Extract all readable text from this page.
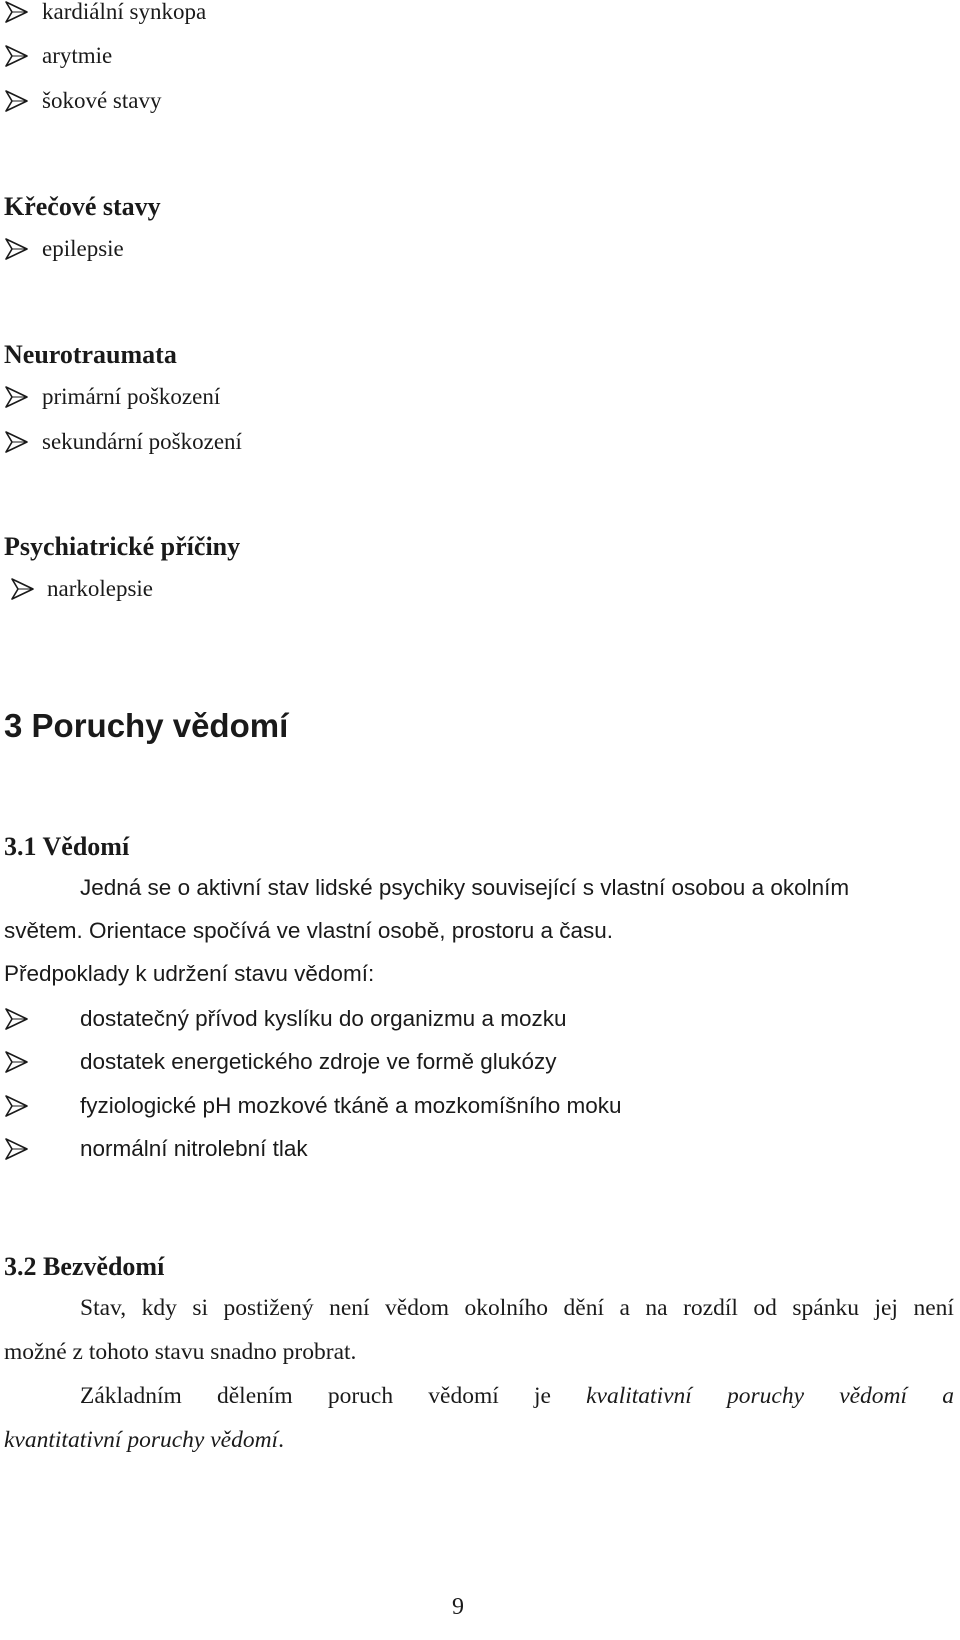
kardiální synkopa
arytmie
šokové stavy
Křečové stavy
epilepsie
Neurotraumata
primární poškození
sekundární poškození
Psychiatrické příčiny
narkolepsie
3 Poruchy vědomí
3.1 Vědomí
Jedná se o aktivní stav lidské psychiky související s vlastní osobou a okolním
světem. Orientace spočívá ve vlastní osobě, prostoru a času.
Předpoklady k udržení stavu vědomí:
dostatečný přívod kyslíku do organizmu a mozku
dostatek energetického zdroje ve formě glukózy
fyziologické pH mozkové tkáně a mozkomíšního moku
normální nitrolební tlak
3.2 Bezvědomí
Stav, kdy si postižený není vědom okolního dění a na rozdíl od spánku jej není
možné z tohoto stavu snadno probrat.
Základním dělením poruch vědomí je kvalitativní poruchy vědomí a
kvantitativní poruchy vědomí.
9
